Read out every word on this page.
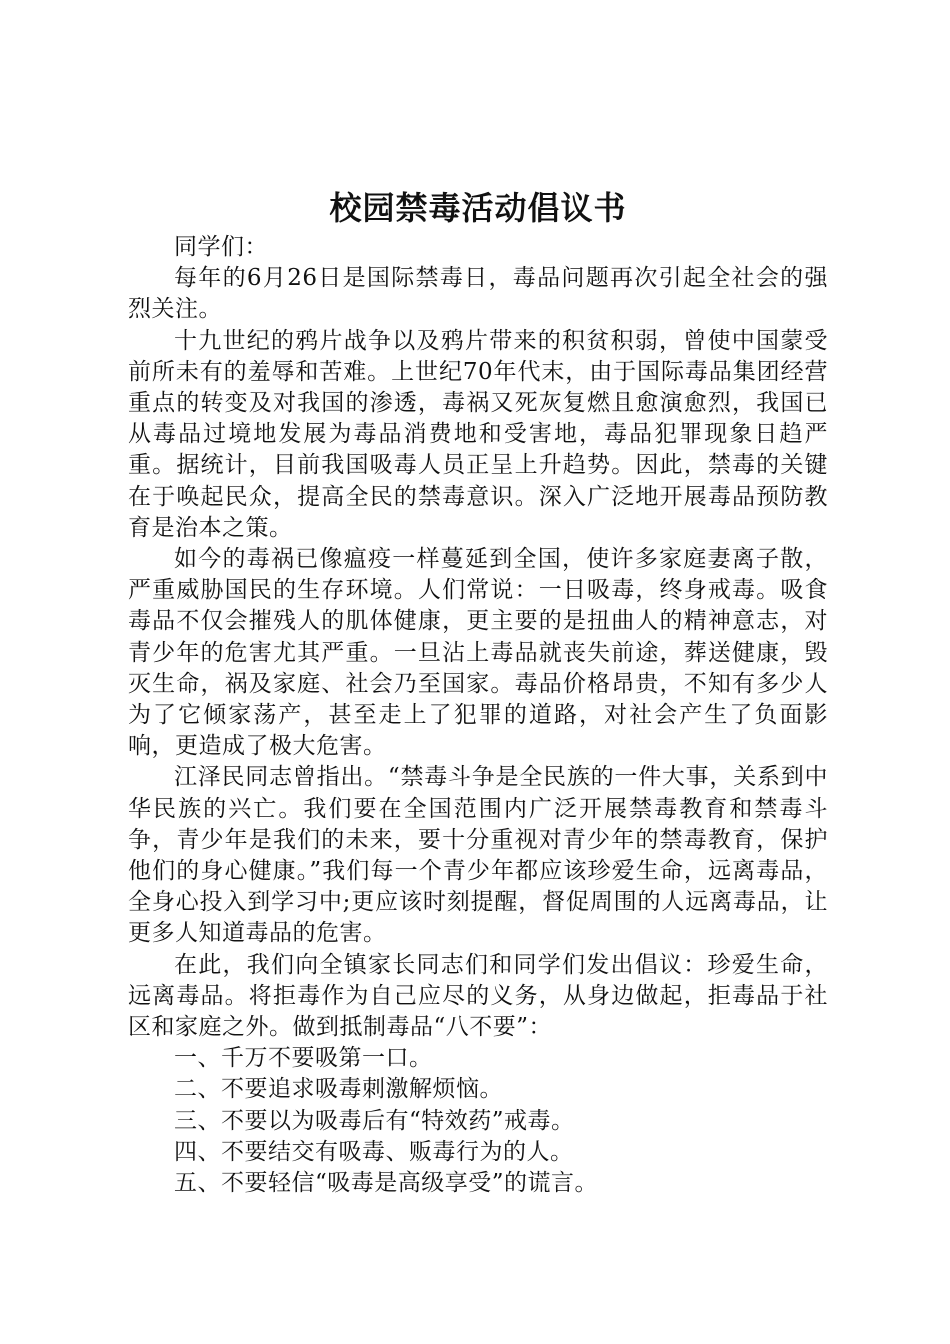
校园禁毒活动倡议书

同学们：

每年的6月26日是国际禁毒日，毒品问题再次引起全社会的强烈关注。

十九世纪的鸦片战争以及鸦片带来的积贫积弱，曾使中国蒙受前所未有的羞辱和苦难。上世纪70年代末，由于国际毒品集团经营重点的转变及对我国的渗透，毒祸又死灰复燃且愈演愈烈，我国已从毒品过境地发展为毒品消费地和受害地，毒品犯罪现象日趋严重。据统计，目前我国吸毒人员正呈上升趋势。因此，禁毒的关键在于唤起民众，提高全民的禁毒意识。深入广泛地开展毒品预防教育是治本之策。

如今的毒祸已像瘟疫一样蔓延到全国，使许多家庭妻离子散，严重威胁国民的生存环境。人们常说：一日吸毒，终身戒毒。吸食毒品不仅会摧残人的肌体健康，更主要的是扭曲人的精神意志，对青少年的危害尤其严重。一旦沾上毒品就丧失前途，葬送健康，毁灭生命，祸及家庭、社会乃至国家。毒品价格昂贵，不知有多少人为了它倾家荡产，甚至走上了犯罪的道路，对社会产生了负面影响，更造成了极大危害。

江泽民同志曾指出。“禁毒斗争是全民族的一件大事，关系到中华民族的兴亡。我们要在全国范围内广泛开展禁毒教育和禁毒斗争，青少年是我们的未来，要十分重视对青少年的禁毒教育，保护他们的身心健康。”我们每一个青少年都应该珍爱生命，远离毒品，全身心投入到学习中;更应该时刻提醒，督促周围的人远离毒品，让更多人知道毒品的危害。

在此，我们向全镇家长同志们和同学们发出倡议：珍爱生命，远离毒品。将拒毒作为自己应尽的义务，从身边做起，拒毒品于社区和家庭之外。做到抵制毒品“八不要”：

一、千万不要吸第一口。

二、不要追求吸毒刺激解烦恼。

三、不要以为吸毒后有“特效药”戒毒。

四、不要结交有吸毒、贩毒行为的人。

五、不要轻信“吸毒是高级享受”的谎言。
